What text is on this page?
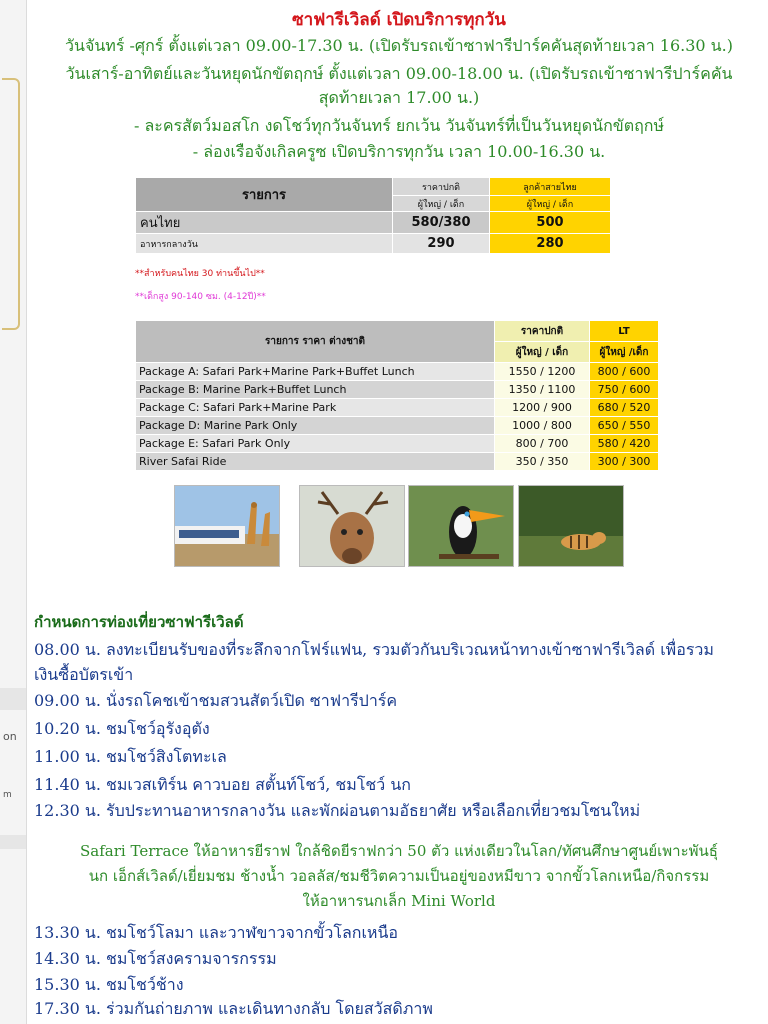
on
m
ซาฟารีเวิลด์ เปิดบริการทุกวัน
วันจันทร์ -ศุกร์ ตั้งแต่เวลา 09.00-17.30 น. (เปิดรับรถเข้าซาฟารีปาร์คคันสุดท้ายเวลา 16.30 น.)
วันเสาร์-อาทิตย์และวันหยุดนักขัตฤกษ์ ตั้งแต่เวลา 09.00-18.00 น. (เปิดรับรถเข้าซาฟารีปาร์คคัน
สุดท้ายเวลา 17.00 น.)
- ละครสัตว์มอสโก งดโชว์ทุกวันจันทร์ ยกเว้น วันจันทร์ที่เป็นวันหยุดนักขัตฤกษ์
- ล่องเรือจังเกิลครูซ เปิดบริการทุกวัน เวลา 10.00-16.30 น.
รายการ	ราคาปกติ	ลูกค้าสายไทย
	ผู้ใหญ่ / เด็ก	ผู้ใหญ่ / เด็ก
คนไทย	580/380	500
อาหารกลางวัน	290	280
**สำหรับคนไทย 30 ท่านขึ้นไป**
**เด็กสูง 90-140 ซม. (4-12ปี)**
รายการ ราคา ต่างชาติ	ราคาปกติ	LT
	ผู้ใหญ่ / เด็ก	ผู้ใหญ่ /เด็ก
Package A: Safari Park+Marine Park+Buffet Lunch	1550 / 1200	800 / 600
Package B: Marine Park+Buffet Lunch	1350 / 1100	750 / 600
Package C: Safari Park+Marine Park	1200 / 900	680 / 520
Package D: Marine Park Only	1000 / 800	650 / 550
Package E: Safari Park Only	800 / 700	580 / 420
River Safai Ride	350 / 350	300 / 300
กำหนดการท่องเที่ยวซาฟารีเวิลด์
08.00 น. ลงทะเบียนรับของที่ระลึกจากโฟร์แฟน, รวมตัวกันบริเวณหน้าทางเข้าซาฟารีเวิลด์ เพื่อรวม
เงินซื้อบัตรเข้า
09.00 น. นั่งรถโคชเข้าชมสวนสัตว์เปิด ซาฟารีปาร์ค
10.20 น. ชมโชว์อุรังอุตัง
11.00 น. ชมโชว์สิงโตทะเล
11.40 น. ชมเวสเทิร์น คาวบอย สตั้นท์โชว์, ชมโชว์ นก
12.30 น. รับประทานอาหารกลางวัน และพักผ่อนตามอัธยาศัย หรือเลือกเที่ยวชมโซนใหม่
Safari Terrace ให้อาหารยีราฟ ใกล้ชิดยีราฟกว่า 50 ตัว แห่งเดียวในโลก/ทัศนศึกษาศูนย์เพาะพันธุ์
นก เอ็กส์เวิลด์/เยี่ยมชม ช้างน้ำ วอลลัส/ชมชีวิตความเป็นอยู่ของหมีขาว จากขั้วโลกเหนือ/กิจกรรม
ให้อาหารนกเล็ก Mini World
13.30 น. ชมโชว์โลมา และวาฬขาวจากขั้วโลกเหนือ
14.30 น. ชมโชว์สงครามจารกรรม
15.30 น. ชมโชว์ช้าง
17.30 น. ร่วมกันถ่ายภาพ และเดินทางกลับ โดยสวัสดิภาพ
